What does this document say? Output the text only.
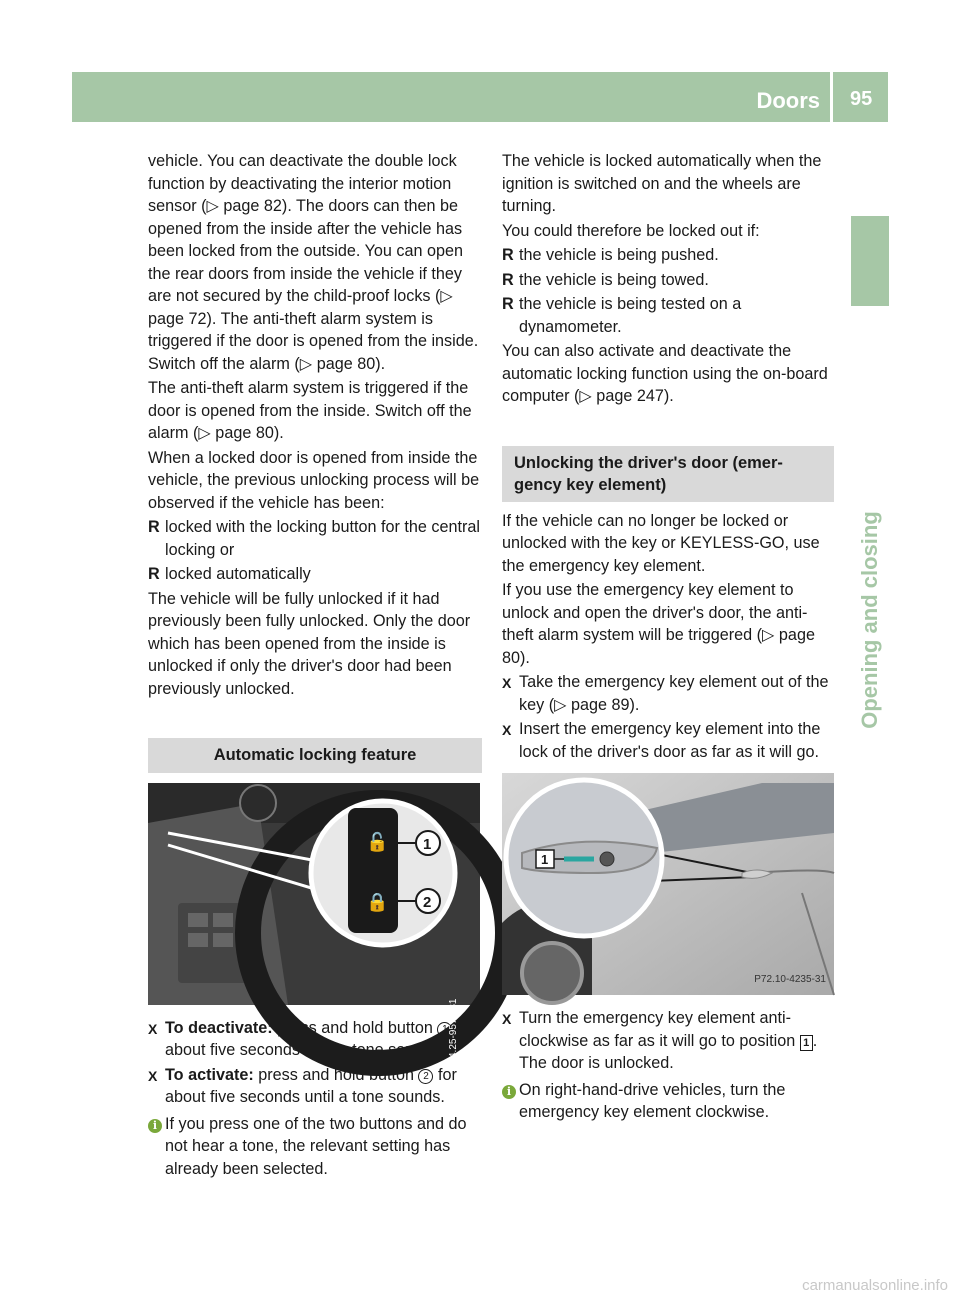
Doors 95
Opening and closing

vehicle. You can deactivate the double lock function by deactivating the interior motion sensor (▷ page 82). The doors can then be opened from the inside after the vehicle has been locked from the outside. You can open the rear doors from inside the vehicle if they are not secured by the child-proof locks (▷ page 72). The anti-theft alarm system is triggered if the door is opened from the inside. Switch off the alarm (▷ page 80).

The anti-theft alarm system is triggered if the door is opened from the inside. Switch off the alarm (▷ page 80).

When a locked door is opened from inside the vehicle, the previous unlocking process will be observed if the vehicle has been:

R locked with the locking button for the central locking or
R locked automatically

The vehicle will be fully unlocked if it had previously been fully unlocked. Only the door which has been opened from the inside is unlocked if only the driver's door had been previously unlocked.

Automatic locking feature
🔓
🔒
1
2
P54.25-9571-31
X To deactivate: press and hold button 1 for about five seconds until a tone sounds.
X To activate: press and hold button 2 for about five seconds until a tone sounds.
i If you press one of the two buttons and do not hear a tone, the relevant setting has already been selected.

The vehicle is locked automatically when the ignition is switched on and the wheels are turning.

You could therefore be locked out if:

R the vehicle is being pushed.
R the vehicle is being towed.
R the vehicle is being tested on a dynamometer.

You can also activate and deactivate the automatic locking function using the on-board computer (▷ page 247).

Unlocking the driver's door (emer-
gency key element)

If the vehicle can no longer be locked or unlocked with the key or KEYLESS-GO, use the emergency key element.

If you use the emergency key element to unlock and open the driver's door, the anti-theft alarm system will be triggered (▷ page 80).

X Take the emergency key element out of the key (▷ page 89).
X Insert the emergency key element into the lock of the driver's door as far as it will go.
1
P72.10-4235-31
X Turn the emergency key element anti-clockwise as far as it will go to position 1 .
The door is unlocked.
i On right-hand-drive vehicles, turn the emergency key element clockwise.
carmanualsonline.info
